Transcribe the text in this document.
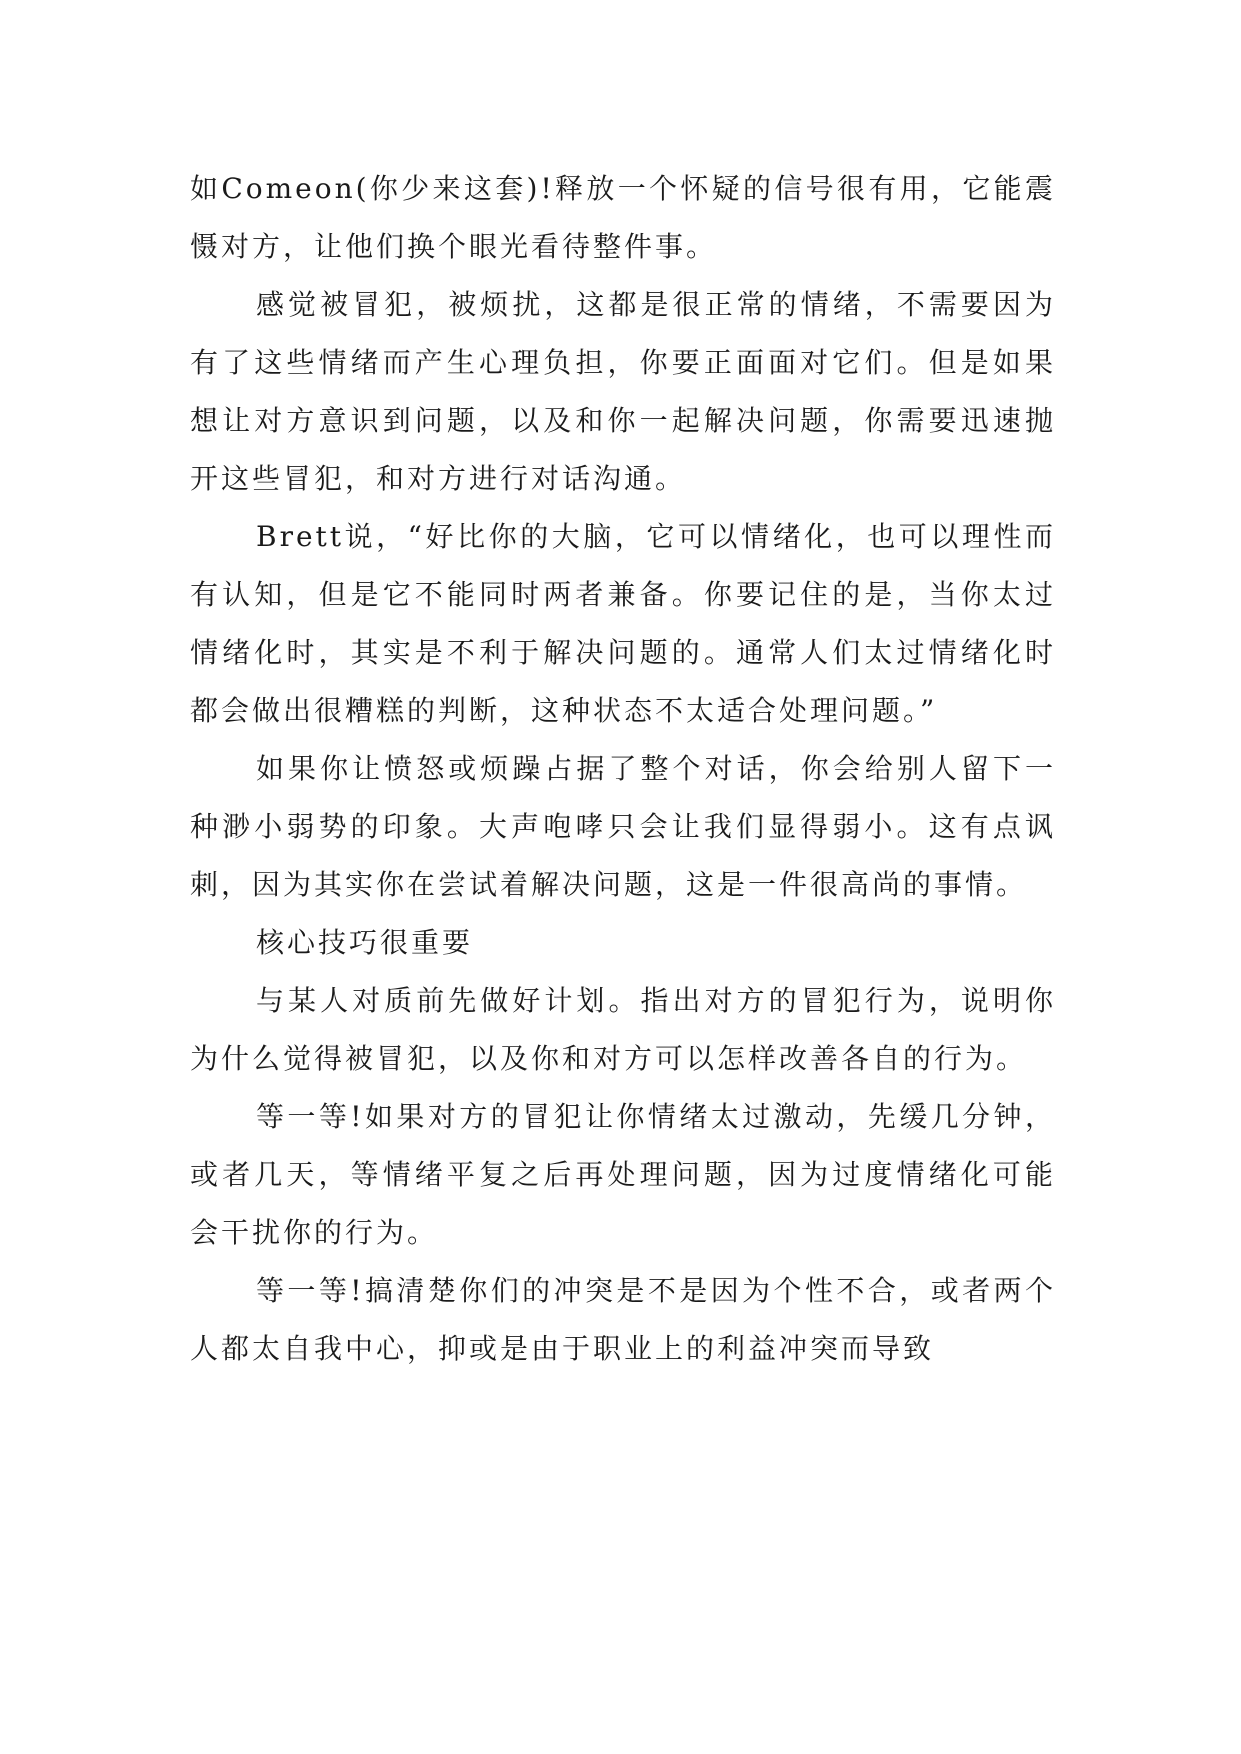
如Comeon(你少来这套)!释放一个怀疑的信号很有用，它能震慑对方，让他们换个眼光看待整件事。

感觉被冒犯，被烦扰，这都是很正常的情绪，不需要因为有了这些情绪而产生心理负担，你要正面面对它们。但是如果想让对方意识到问题，以及和你一起解决问题，你需要迅速抛开这些冒犯，和对方进行对话沟通。

Brett说，“好比你的大脑，它可以情绪化，也可以理性而有认知，但是它不能同时两者兼备。你要记住的是，当你太过情绪化时，其实是不利于解决问题的。通常人们太过情绪化时都会做出很糟糕的判断，这种状态不太适合处理问题。”

如果你让愤怒或烦躁占据了整个对话，你会给别人留下一种渺小弱势的印象。大声咆哮只会让我们显得弱小。这有点讽刺，因为其实你在尝试着解决问题，这是一件很高尚的事情。

核心技巧很重要

与某人对质前先做好计划。指出对方的冒犯行为，说明你为什么觉得被冒犯，以及你和对方可以怎样改善各自的行为。

等一等!如果对方的冒犯让你情绪太过激动，先缓几分钟，或者几天，等情绪平复之后再处理问题，因为过度情绪化可能会干扰你的行为。

等一等!搞清楚你们的冲突是不是因为个性不合，或者两个人都太自我中心，抑或是由于职业上的利益冲突而导致
